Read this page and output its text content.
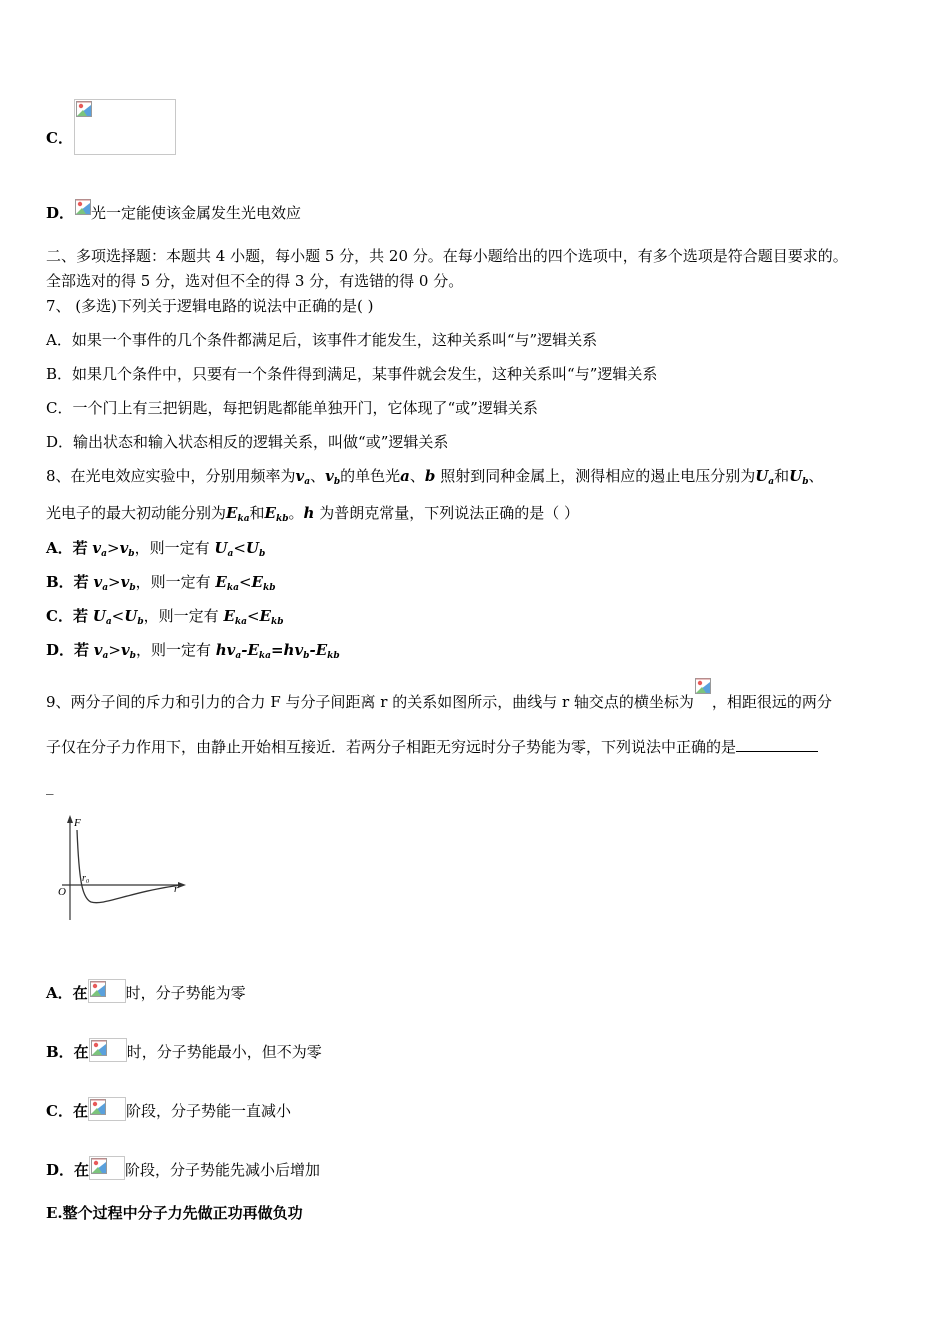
C．
D． 光一定能使该金属发生光电效应
二、多项选择题：本题共 4 小题，每小题 5 分，共 20 分。在每小题给出的四个选项中，有多个选项是符合题目要求的。
全部选对的得 5 分，选对但不全的得 3 分，有选错的得 0 分。
7、 (多选)下列关于逻辑电路的说法中正确的是( )
A．如果一个事件的几个条件都满足后，该事件才能发生，这种关系叫“与”逻辑关系
B．如果几个条件中，只要有一个条件得到满足，某事件就会发生，这种关系叫“与”逻辑关系
C．一个门上有三把钥匙，每把钥匙都能单独开门，它体现了“或”逻辑关系
D．输出状态和输入状态相反的逻辑关系，叫做“或”逻辑关系
8、在光电效应实验中，分别用频率为$v_a$、$v_b$的单色光a、b 照射到同种金属上，测得相应的遏止电压分别为$U_a$和$U_b$、
光电子的最大初动能分别为$E_{ka}$和$E_{kb}$。h 为普朗克常量，下列说法正确的是（ ）
A．若 $v_a>v_b$，则一定有 $U_a<U_b$
B．若 $v_a>v_b$，则一定有 $E_{ka}<E_{kb}$
C．若 $U_a<U_b$，则一定有 $E_{ka}<E_{kb}$
D．若 $v_a>v_b$，则一定有 $hv_a-E_{ka}=hv_b-E_{kb}$
9、两分子间的斥力和引力的合力 F 与分子间距离 r 的关系如图所示，曲线与 r 轴交点的横坐标为 ，相距很远的两分
子仅在分子力作用下，由静止开始相互接近．若两分子相距无穷远时分子势能为零，下列说法中正确的是
_
F
r
O
r₀
A．在	时，分子势能为零
B．在	时，分子势能最小，但不为零
C．在	阶段，分子势能一直减小
D．在 阶段，分子势能先减小后增加
E.整个过程中分子力先做正功再做负功
